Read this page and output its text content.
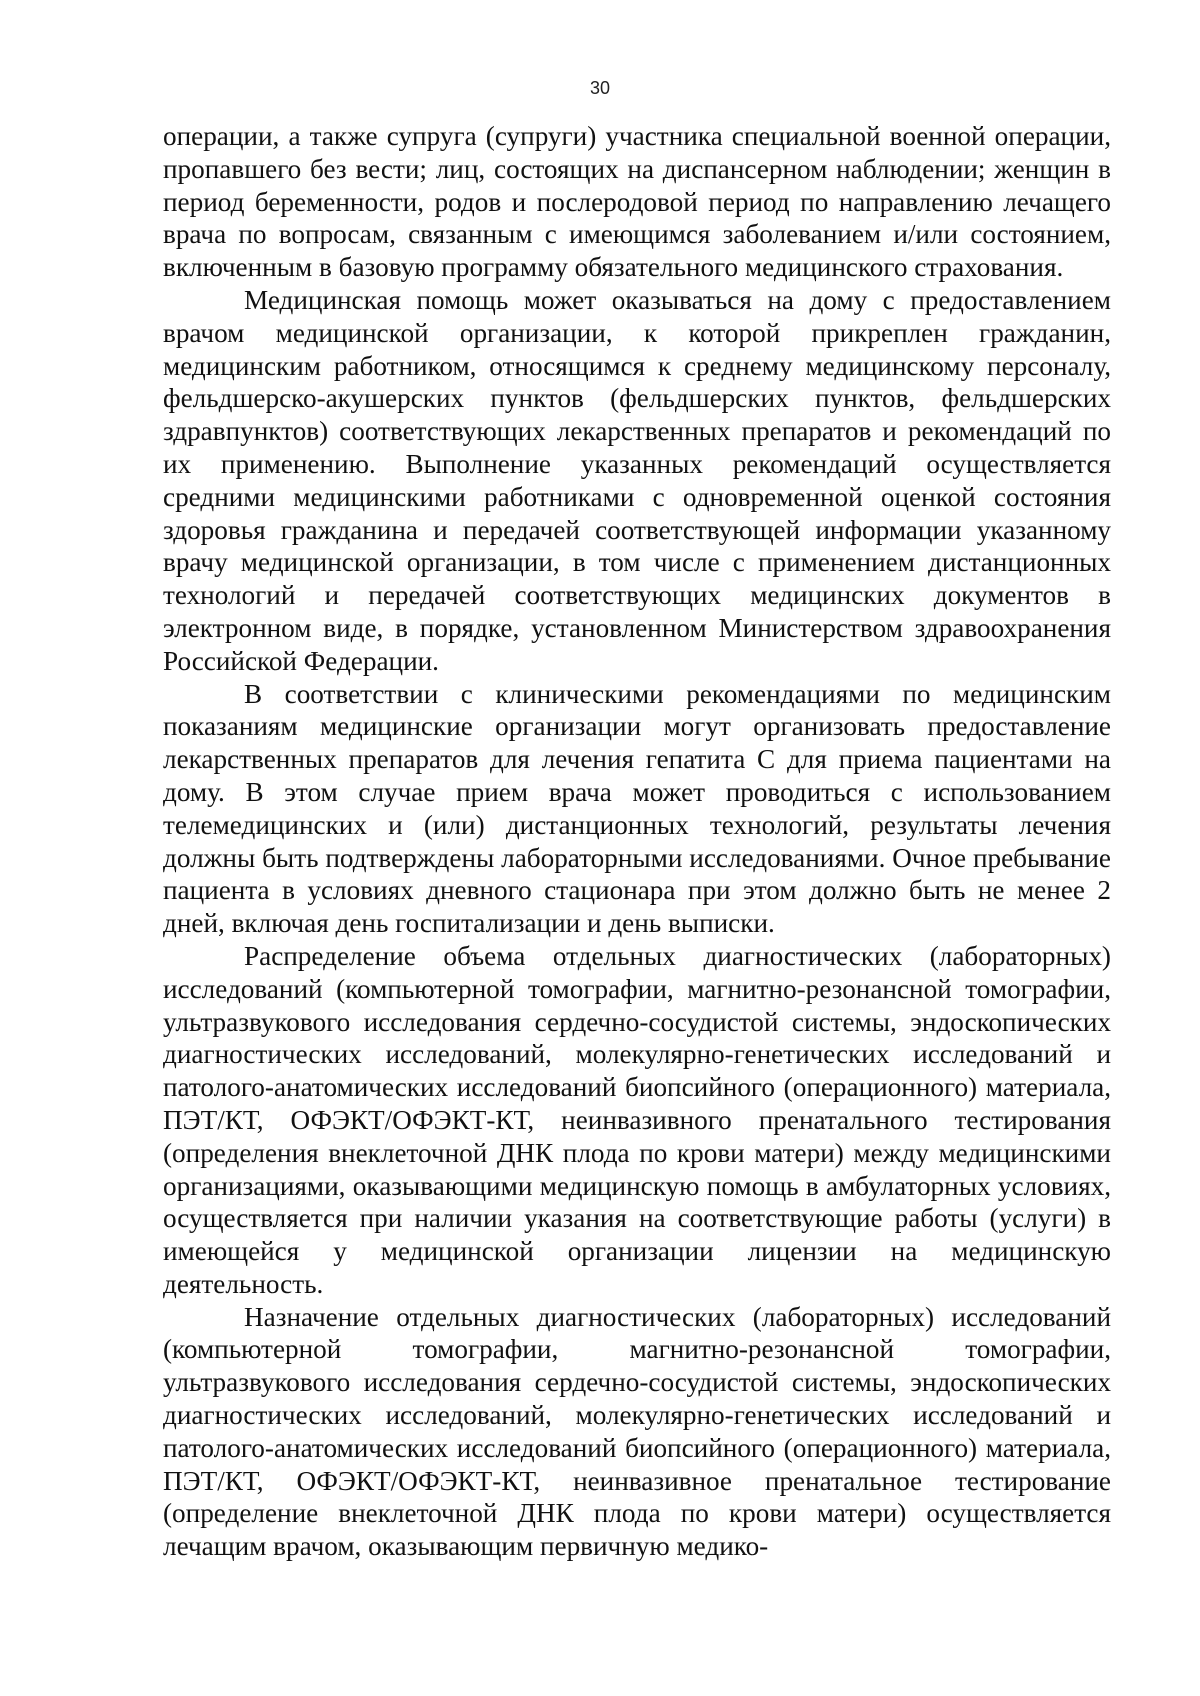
30

операции, а также супруга (супруги) участника специальной военной операции, пропавшего без вести; лиц, состоящих на диспансерном наблюдении; женщин в период беременности, родов и послеродовой период по направлению лечащего врача по вопросам, связанным с имеющимся заболеванием и/или состоянием, включенным в базовую программу обязательного медицинского страхования.

Медицинская помощь может оказываться на дому с предоставлением врачом медицинской организации, к которой прикреплен гражданин, медицинским работником, относящимся к среднему медицинскому персоналу, фельдшерско-акушерских пунктов (фельдшерских пунктов, фельдшерских здравпунктов) соответствующих лекарственных препаратов и рекомендаций по их применению. Выполнение указанных рекомендаций осуществляется средними медицинскими работниками с одновременной оценкой состояния здоровья гражданина и передачей соответствующей информации указанному врачу медицинской организации, в том числе с применением дистанционных технологий и передачей соответствующих медицинских документов в электронном виде, в порядке, установленном Министерством здравоохранения Российской Федерации.

В соответствии с клиническими рекомендациями по медицинским показаниям медицинские организации могут организовать предоставление лекарственных препаратов для лечения гепатита С для приема пациентами на дому. В этом случае прием врача может проводиться с использованием телемедицинских и (или) дистанционных технологий, результаты лечения должны быть подтверждены лабораторными исследованиями. Очное пребывание пациента в условиях дневного стационара при этом должно быть не менее 2 дней, включая день госпитализации и день выписки.

Распределение объема отдельных диагностических (лабораторных) исследований (компьютерной томографии, магнитно-резонансной томографии, ультразвукового исследования сердечно-сосудистой системы, эндоскопических диагностических исследований, молекулярно-генетических исследований и патолого-анатомических исследований биопсийного (операционного) материала, ПЭТ/КТ, ОФЭКТ/ОФЭКТ-КТ, неинвазивного пренатального тестирования (определения внеклеточной ДНК плода по крови матери) между медицинскими организациями, оказывающими медицинскую помощь в амбулаторных условиях, осуществляется при наличии указания на соответствующие работы (услуги) в имеющейся у медицинской организации лицензии на медицинскую деятельность.

Назначение отдельных диагностических (лабораторных) исследований (компьютерной томографии, магнитно-резонансной томографии, ультразвукового исследования сердечно-сосудистой системы, эндоскопических диагностических исследований, молекулярно-генетических исследований и патолого-анатомических исследований биопсийного (операционного) материала, ПЭТ/КТ, ОФЭКТ/ОФЭКТ-КТ, неинвазивное пренатальное тестирование (определение внеклеточной ДНК плода по крови матери) осуществляется лечащим врачом, оказывающим первичную медико-
